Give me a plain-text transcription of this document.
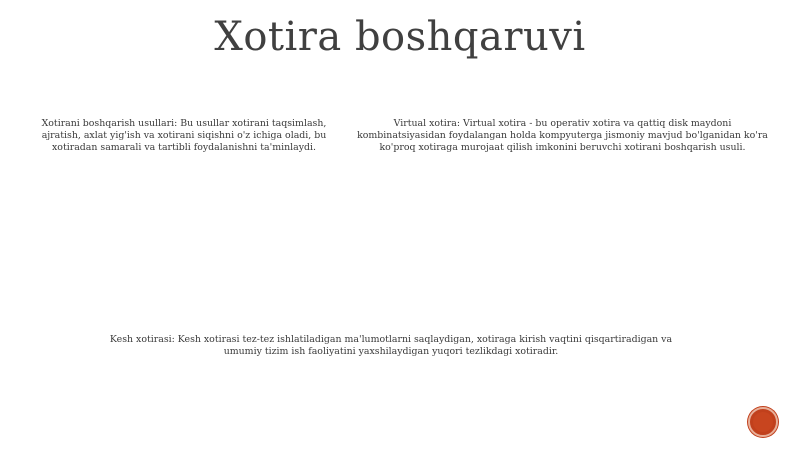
Xotira boshqaruvi

Xotirani boshqarish usullari: Bu usullar xotirani taqsimlash, ajratish, axlat yig'ish va xotirani siqishni o'z ichiga oladi, bu xotiradan samarali va tartibli foydalanishni ta'minlaydi.

Virtual xotira: Virtual xotira - bu operativ xotira va qattiq disk maydoni kombinatsiyasidan foydalangan holda kompyuterga jismoniy mavjud bo'lganidan ko'ra ko'proq xotiraga murojaat qilish imkonini beruvchi xotirani boshqarish usuli.

Kesh xotirasi: Kesh xotirasi tez-tez ishlatiladigan ma'lumotlarni saqlaydigan, xotiraga kirish vaqtini qisqartiradigan va umumiy tizim ish faoliyatini yaxshilaydigan yuqori tezlikdagi xotiradir.
